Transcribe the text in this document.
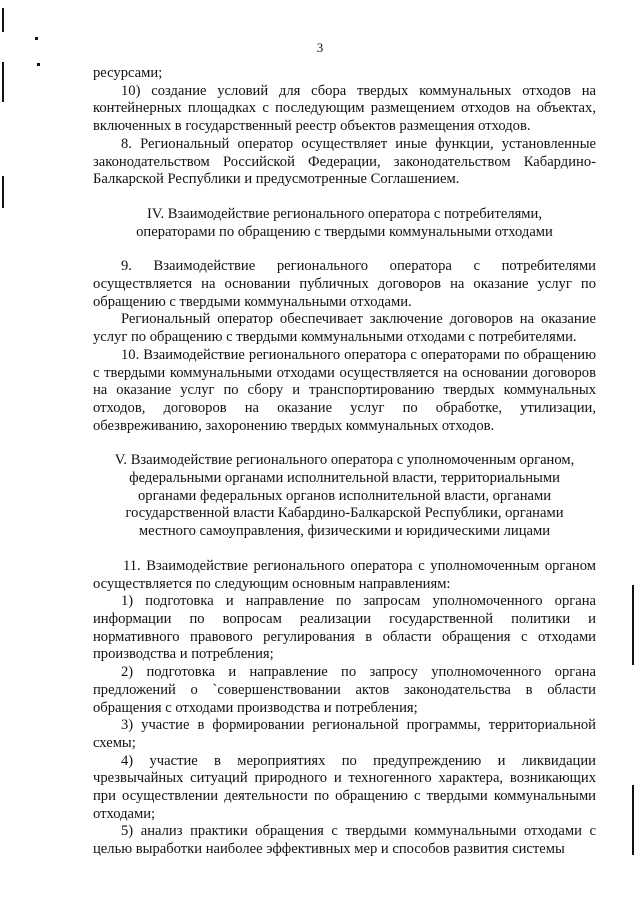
3

ресурсами;

10) создание условий для сбора твердых коммунальных отходов на контейнерных площадках с последующим размещением отходов на объектах, включенных в государственный реестр объектов размещения отходов.

8. Региональный оператор осуществляет иные функции, установленные законодательством Российской Федерации, законодательством Кабардино-Балкарской Республики и предусмотренные Соглашением.

IV. Взаимодействие регионального оператора с потребителями,
операторами по обращению с твердыми коммунальными отходами

9. Взаимодействие регионального оператора с потребителями осуществляется на основании публичных договоров на оказание услуг по обращению с твердыми коммунальными отходами.

Региональный оператор обеспечивает заключение договоров на оказание услуг по обращению с твердыми коммунальными отходами с потребителями.

10. Взаимодействие регионального оператора с операторами по обращению с твердыми коммунальными отходами осуществляется на основании договоров на оказание услуг по сбору и транспортированию твердых коммунальных отходов, договоров на оказание услуг по обработке, утилизации, обезвреживанию, захоронению твердых коммунальных отходов.

V. Взаимодействие регионального оператора с уполномоченным органом,
федеральными органами исполнительной власти, территориальными
органами федеральных органов исполнительной власти, органами
государственной власти Кабардино-Балкарской Республики, органами
местного самоуправления, физическими и юридическими лицами

11. Взаимодействие регионального оператора с уполномоченным органом осуществляется по следующим основным направлениям:

1) подготовка и направление по запросам уполномоченного органа информации по вопросам реализации государственной политики и нормативного правового регулирования в области обращения с отходами производства и потребления;

2) подготовка и направление по запросу уполномоченного органа предложений о `совершенствовании актов законодательства в области обращения с отходами производства и потребления;

3) участие в формировании региональной программы, территориальной схемы;

4) участие в мероприятиях по предупреждению и ликвидации чрезвычайных ситуаций природного и техногенного характера, возникающих при осуществлении деятельности по обращению с твердыми коммунальными отходами;

5) анализ практики обращения с твердыми коммунальными отходами с целью выработки наиболее эффективных мер и способов развития системы
